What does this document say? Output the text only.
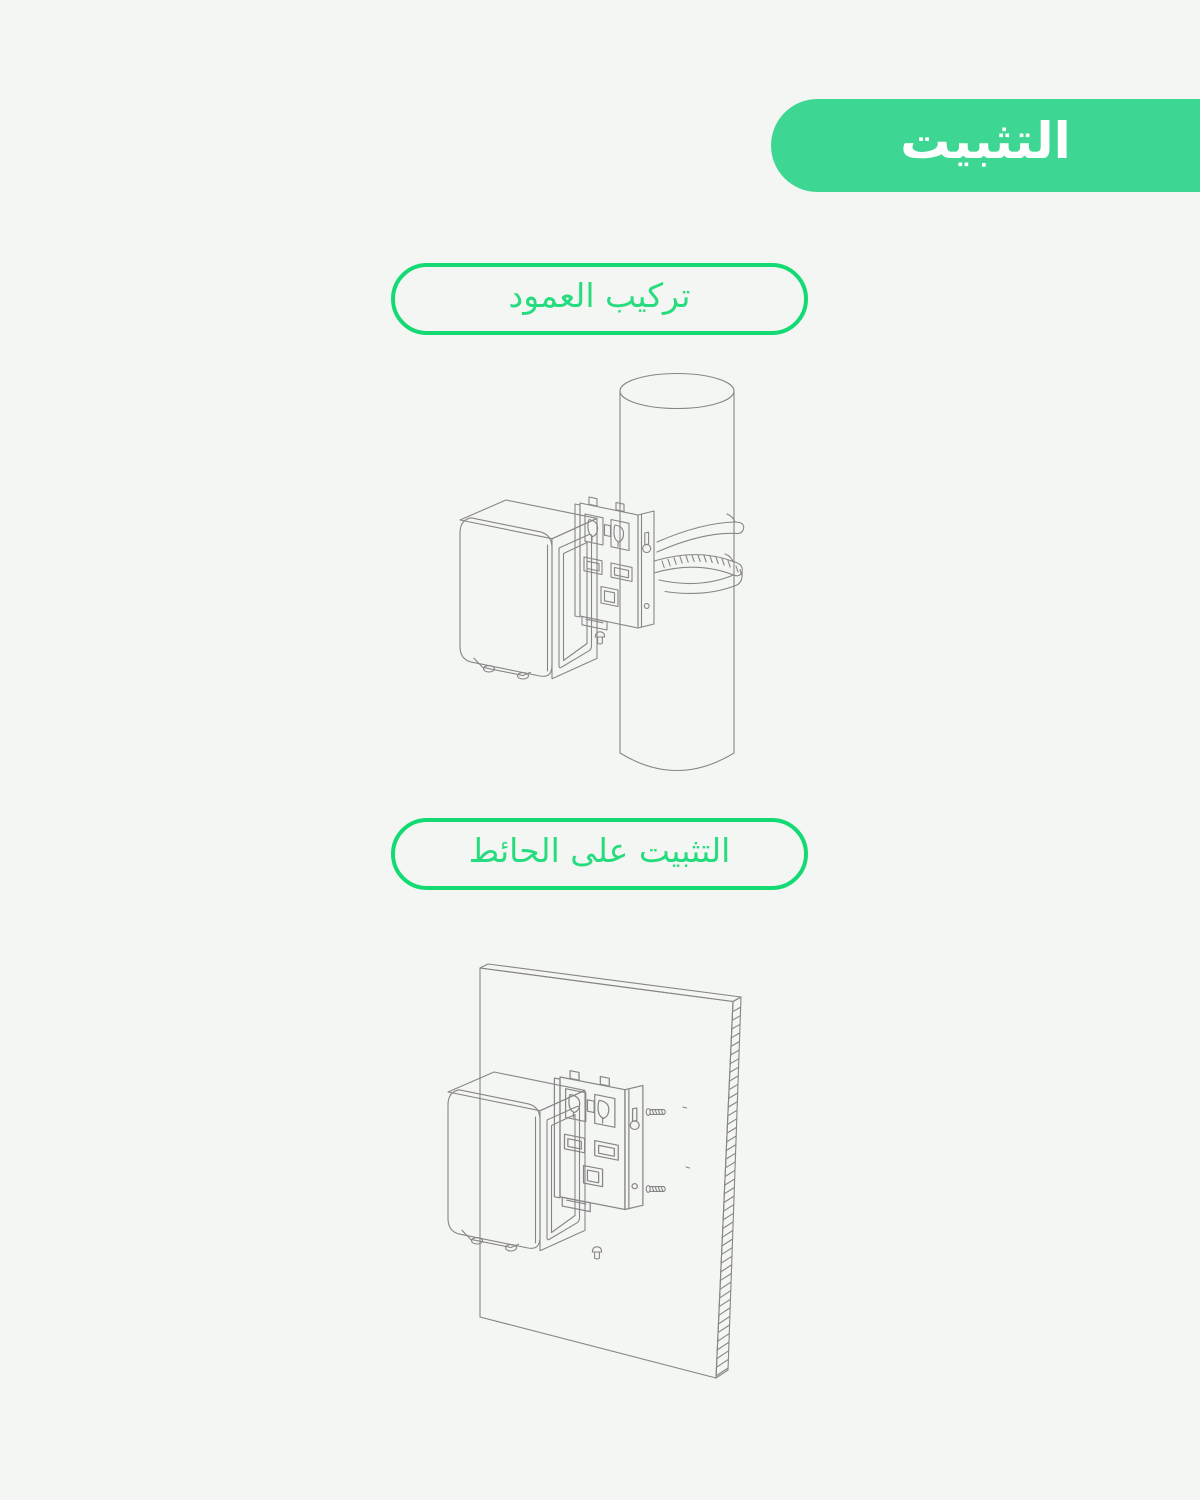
التثبيت
تركيب العمود
التثبيت على الحائط
